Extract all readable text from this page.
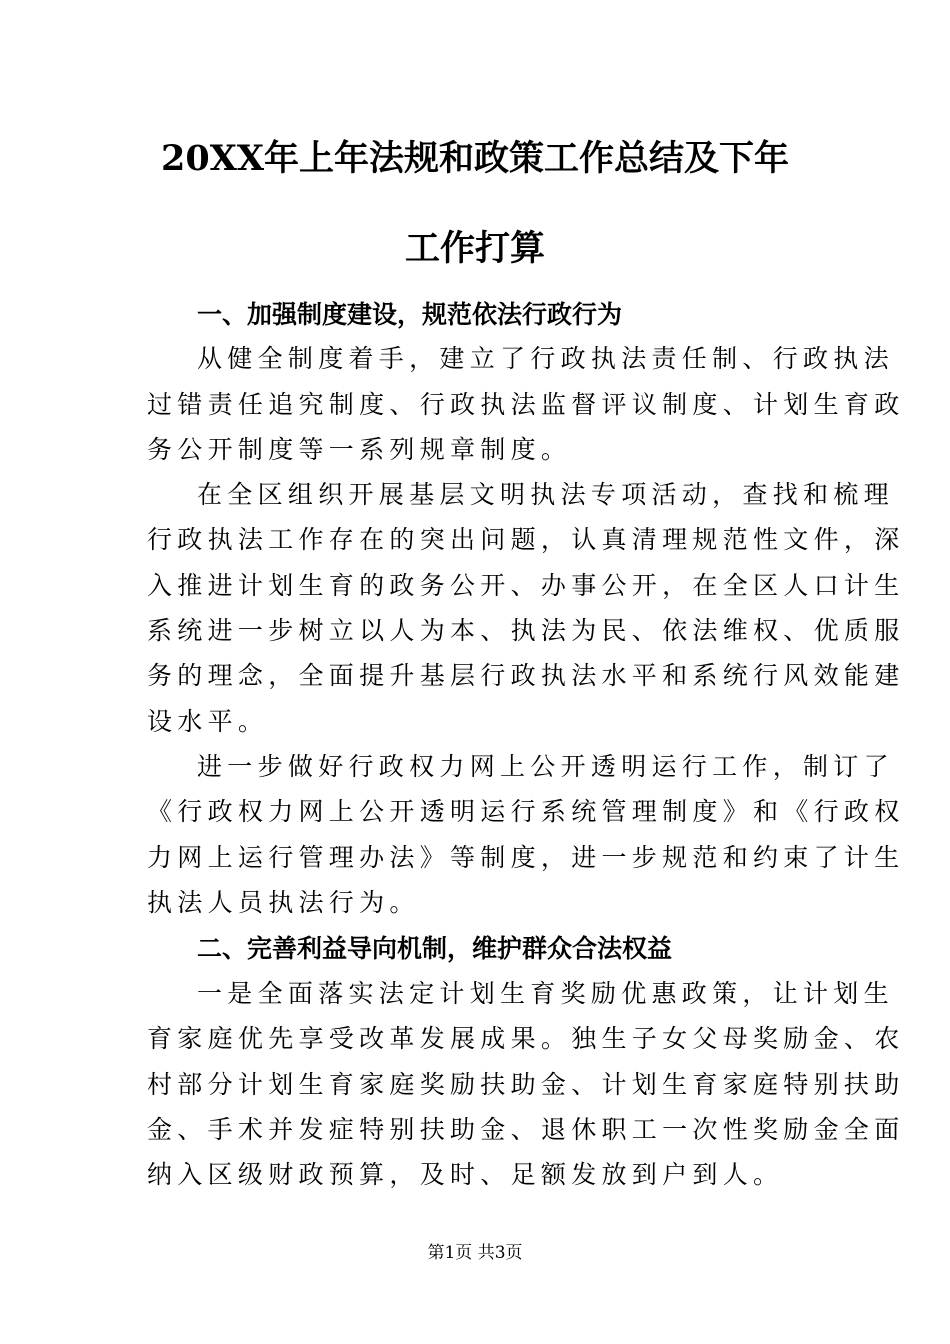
20XX年上年法规和政策工作总结及下年
工作打算
一、加强制度建设，规范依法行政行为
从健全制度着手，建立了行政执法责任制、行政执法
过错责任追究制度、行政执法监督评议制度、计划生育政
务公开制度等一系列规章制度。
在全区组织开展基层文明执法专项活动，查找和梳理
行政执法工作存在的突出问题，认真清理规范性文件，深
入推进计划生育的政务公开、办事公开，在全区人口计生
系统进一步树立以人为本、执法为民、依法维权、优质服
务的理念，全面提升基层行政执法水平和系统行风效能建
设水平。
进一步做好行政权力网上公开透明运行工作，制订了
《行政权力网上公开透明运行系统管理制度》和《行政权
力网上运行管理办法》等制度，进一步规范和约束了计生
执法人员执法行为。
二、完善利益导向机制，维护群众合法权益
一是全面落实法定计划生育奖励优惠政策，让计划生
育家庭优先享受改革发展成果。独生子女父母奖励金、农
村部分计划生育家庭奖励扶助金、计划生育家庭特别扶助
金、手术并发症特别扶助金、退休职工一次性奖励金全面
纳入区级财政预算，及时、足额发放到户到人。
第1页 共3页
